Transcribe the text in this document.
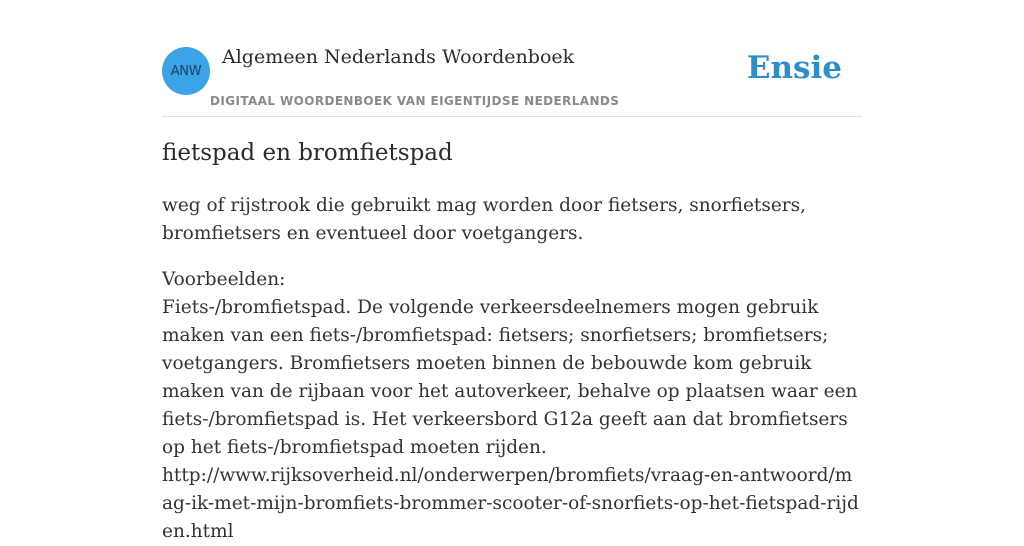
ANW
Algemeen Nederlands Woordenboek
DIGITAAL WOORDENBOEK VAN EIGENTIJDSE NEDERLANDS
Ensie
fietspad en bromfietspad

weg of rijstrook die gebruikt mag worden door fietsers, snorfietsers, bromfietsers en eventueel door voetgangers.

Voorbeelden:
Fiets-/bromfietspad. De volgende verkeersdeelnemers mogen gebruik maken van een fiets-/bromfietspad: fietsers; snorfietsers; bromfietsers; voetgangers. Bromfietsers moeten binnen de bebouwde kom gebruik maken van de rijbaan voor het autoverkeer, behalve op plaatsen waar een fiets-/bromfietspad is. Het verkeersbord G12a geeft aan dat bromfietsers op het fiets-/bromfietspad moeten rijden.
http://www.rijksoverheid.nl/onderwerpen/bromfiets/vraag-en-antwoord/mag-ik-met-mijn-bromfiets-brommer-scooter-of-snorfiets-op-het-fietspad-rijden.html
